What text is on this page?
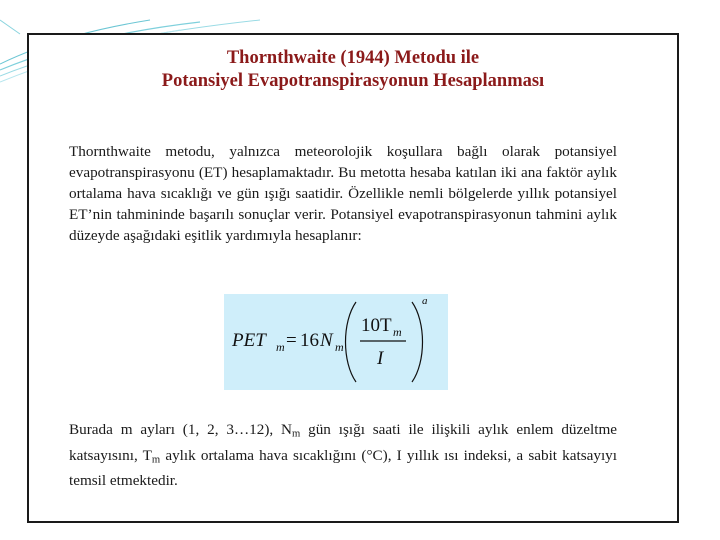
Thornthwaite (1944) Metodu ile
Potansiyel Evapotranspirasyonun Hesaplanması
Thornthwaite metodu, yalnızca meteorolojik koşullara bağlı olarak potansiyel evapotranspirasyonu (ET) hesaplamaktadır. Bu metotta hesaba katılan iki ana faktör aylık ortalama hava sıcaklığı ve gün ışığı saatidir. Özellikle nemli bölgelerde yıllık potansiyel ET’nin tahmininde başarılı sonuçlar verir. Potansiyel evapotranspirasyonun tahmini aylık düzeyde aşağıdaki eşitlik yardımıyla hesaplanır:
PET m = 16 N m
10T m
I
a
Burada m ayları (1, 2, 3…12), $N_m$ gün ışığı saati ile ilişkili aylık enlem düzeltme katsayısını, $T_m$ aylık ortalama hava sıcaklığını (°C), I yıllık ısı indeksi, a sabit katsayıyı temsil etmektedir.
